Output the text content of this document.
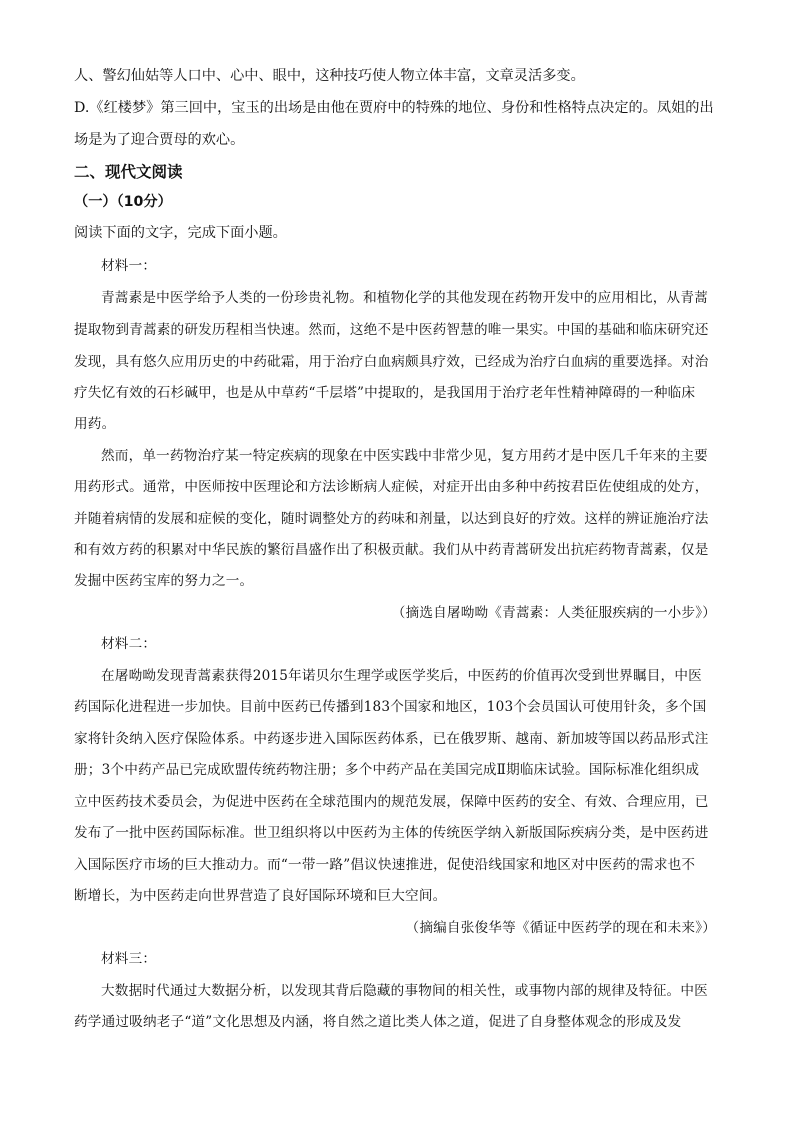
人、警幻仙姑等人口中、心中、眼中，这种技巧使人物立体丰富，文章灵活多变。
D.《红楼梦》第三回中，宝玉的出场是由他在贾府中的特殊的地位、身份和性格特点决定的。凤姐的出
场是为了迎合贾母的欢心。
二、现代文阅读
（一）（10分）
阅读下面的文字，完成下面小题。
材料一：
青蒿素是中医学给予人类的一份珍贵礼物。和植物化学的其他发现在药物开发中的应用相比，从青蒿
提取物到青蒿素的研发历程相当快速。然而，这绝不是中医药智慧的唯一果实。中国的基础和临床研究还
发现，具有悠久应用历史的中药砒霜，用于治疗白血病颇具疗效，已经成为治疗白血病的重要选择。对治
疗失忆有效的石杉碱甲，也是从中草药“千层塔”中提取的，是我国用于治疗老年性精神障碍的一种临床
用药。
然而，单一药物治疗某一特定疾病的现象在中医实践中非常少见，复方用药才是中医几千年来的主要
用药形式。通常，中医师按中医理论和方法诊断病人症候，对症开出由多种中药按君臣佐使组成的处方，
并随着病情的发展和症候的变化，随时调整处方的药味和剂量，以达到良好的疗效。这样的辨证施治疗法
和有效方药的积累对中华民族的繁衍昌盛作出了积极贡献。我们从中药青蒿研发出抗疟药物青蒿素，仅是
发掘中医药宝库的努力之一。
（摘选自屠呦呦《青蒿素：人类征服疾病的一小步》）
材料二：
在屠呦呦发现青蒿素获得2015年诺贝尔生理学或医学奖后，中医药的价值再次受到世界瞩目，中医
药国际化进程进一步加快。目前中医药已传播到183个国家和地区，103个会员国认可使用针灸，多个国
家将针灸纳入医疗保险体系。中药逐步进入国际医药体系，已在俄罗斯、越南、新加坡等国以药品形式注
册；3个中药产品已完成欧盟传统药物注册；多个中药产品在美国完成Ⅱ期临床试验。国际标准化组织成
立中医药技术委员会，为促进中医药在全球范围内的规范发展，保障中医药的安全、有效、合理应用，已
发布了一批中医药国际标准。世卫组织将以中医药为主体的传统医学纳入新版国际疾病分类，是中医药进
入国际医疗市场的巨大推动力。而“一带一路”倡议快速推进，促使沿线国家和地区对中医药的需求也不
断增长，为中医药走向世界营造了良好国际环境和巨大空间。
（摘编自张俊华等《循证中医药学的现在和未来》）
材料三：
大数据时代通过大数据分析，以发现其背后隐藏的事物间的相关性，或事物内部的规律及特征。中医
药学通过吸纳老子“道”文化思想及内涵，将自然之道比类人体之道，促进了自身整体观念的形成及发
